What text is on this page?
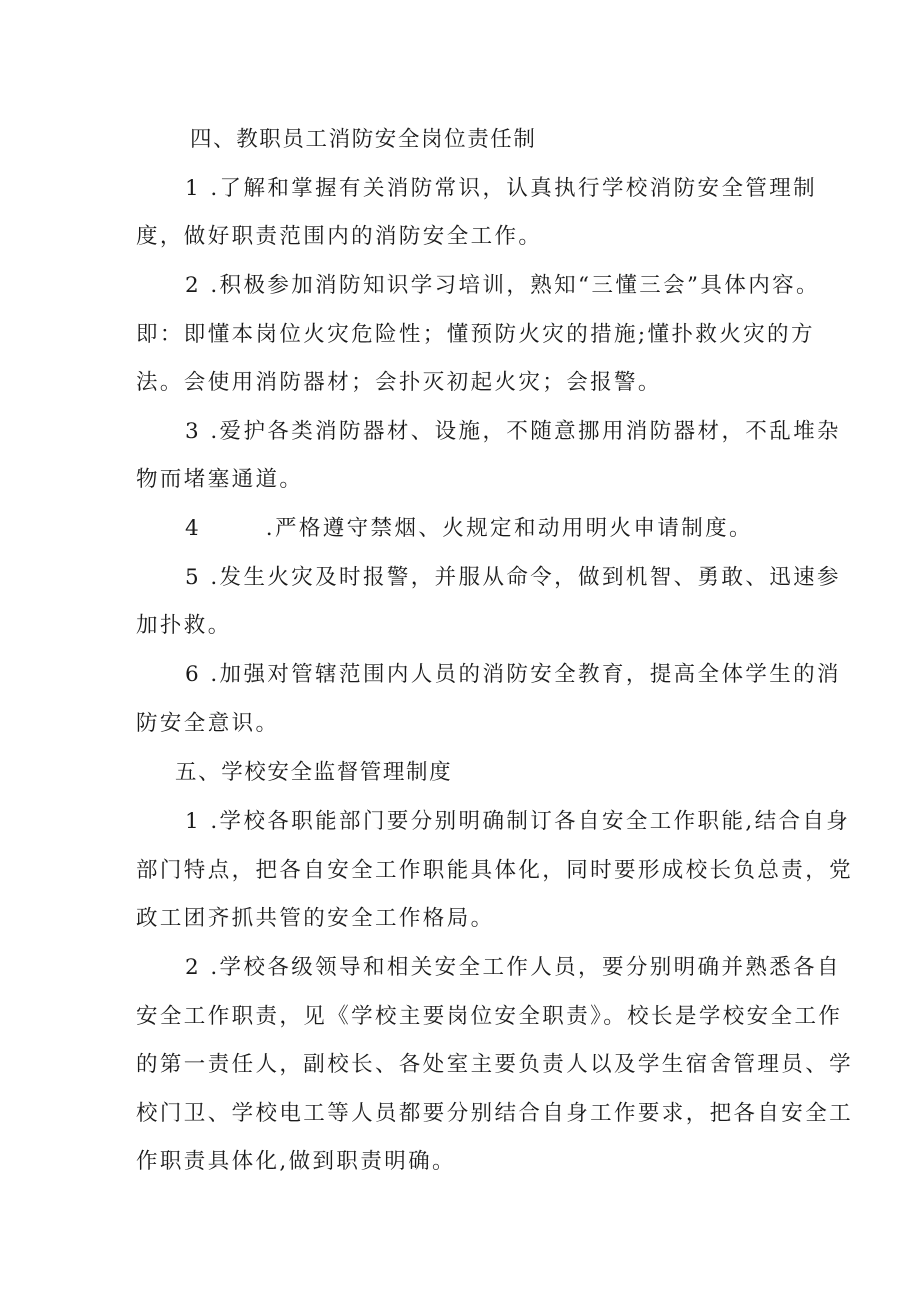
四、教职员工消防安全岗位责任制
1 .了解和掌握有关消防常识，认真执行学校消防安全管理制
度，做好职责范围内的消防安全工作。
2 .积极参加消防知识学习培训，熟知“三懂三会”具体内容。
即：即懂本岗位火灾危险性；懂预防火灾的措施;懂扑救火灾的方
法。会使用消防器材；会扑灭初起火灾；会报警。
3 .爱护各类消防器材、设施，不随意挪用消防器材，不乱堆杂
物而堵塞通道。
4       .严格遵守禁烟、火规定和动用明火申请制度。
5 .发生火灾及时报警，并服从命令，做到机智、勇敢、迅速参
加扑救。
6 .加强对管辖范围内人员的消防安全教育，提高全体学生的消
防安全意识。
五、学校安全监督管理制度
1 .学校各职能部门要分别明确制订各自安全工作职能,结合自身
部门特点，把各自安全工作职能具体化，同时要形成校长负总责，党
政工团齐抓共管的安全工作格局。
2 .学校各级领导和相关安全工作人员，要分别明确并熟悉各自
安全工作职责，见《学校主要岗位安全职责》。校长是学校安全工作
的第一责任人，副校长、各处室主要负责人以及学生宿舍管理员、学
校门卫、学校电工等人员都要分别结合自身工作要求，把各自安全工
作职责具体化,做到职责明确。
